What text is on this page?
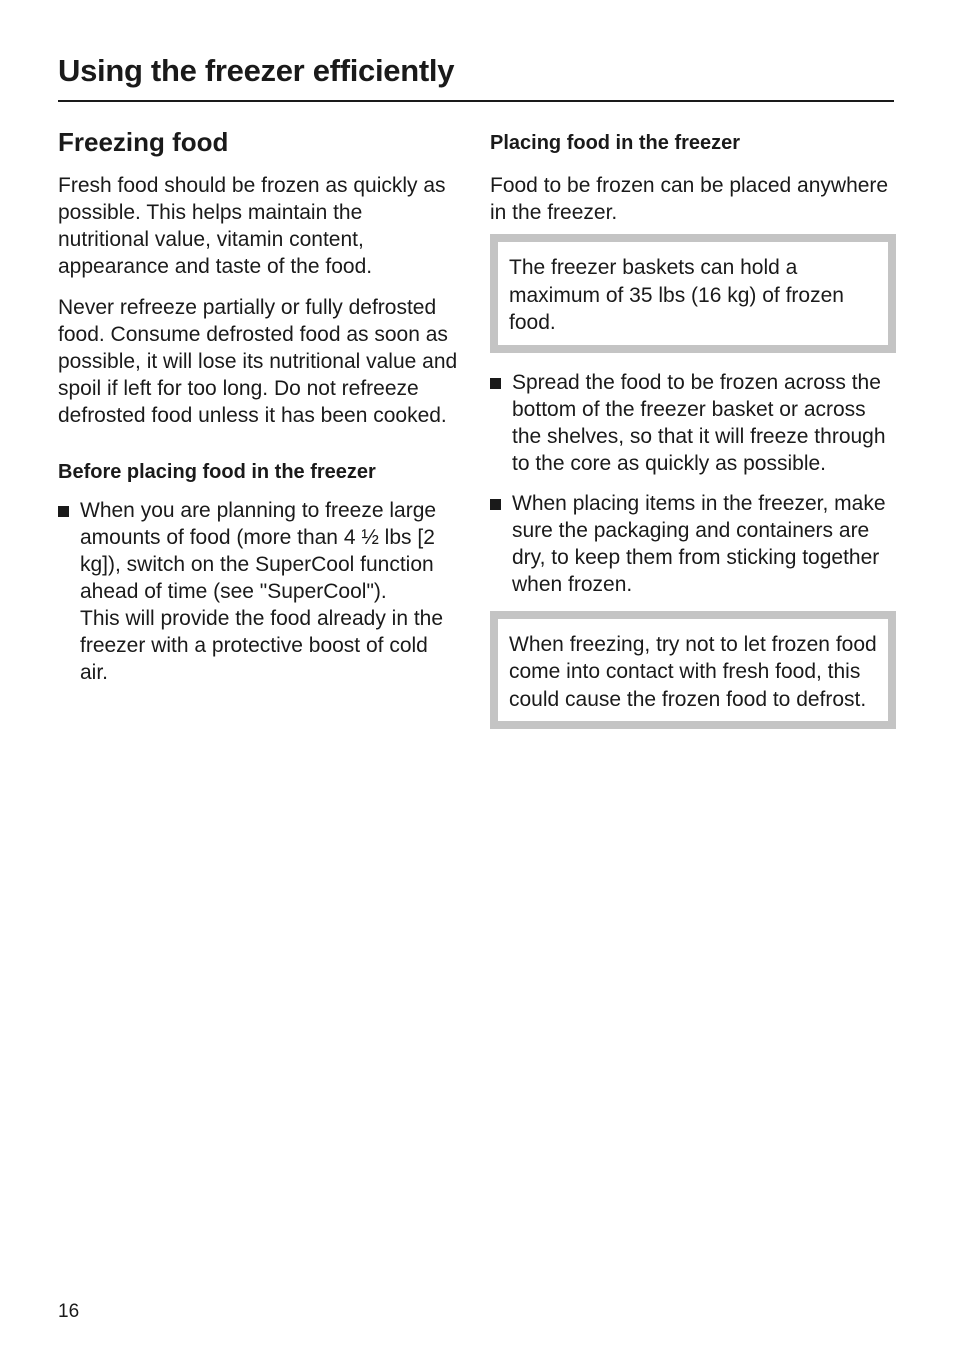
Using the freezer efficiently
Freezing food

Fresh food should be frozen as quickly as possible. This helps maintain the nutritional value, vitamin content, appearance and taste of the food.

Never refreeze partially or fully defrosted food. Consume defrosted food as soon as possible, it will lose its nutritional value and spoil if left for too long. Do not refreeze defrosted food unless it has been cooked.

Before placing food in the freezer
When you are planning to freeze large amounts of food (more than 4 ½ lbs [2 kg]), switch on the SuperCool function ahead of time (see "SuperCool").
This will provide the food already in the freezer with a protective boost of cold air.
Placing food in the freezer

Food to be frozen can be placed anywhere in the freezer.

The freezer baskets can hold a maximum of 35 lbs (16 kg) of frozen food.
Spread the food to be frozen across the bottom of the freezer basket or across the shelves, so that it will freeze through to the core as quickly as possible.
When placing items in the freezer, make sure the packaging and containers are dry, to keep them from sticking together when frozen.
When freezing, try not to let frozen food come into contact with fresh food, this could cause the frozen food to defrost.
16
